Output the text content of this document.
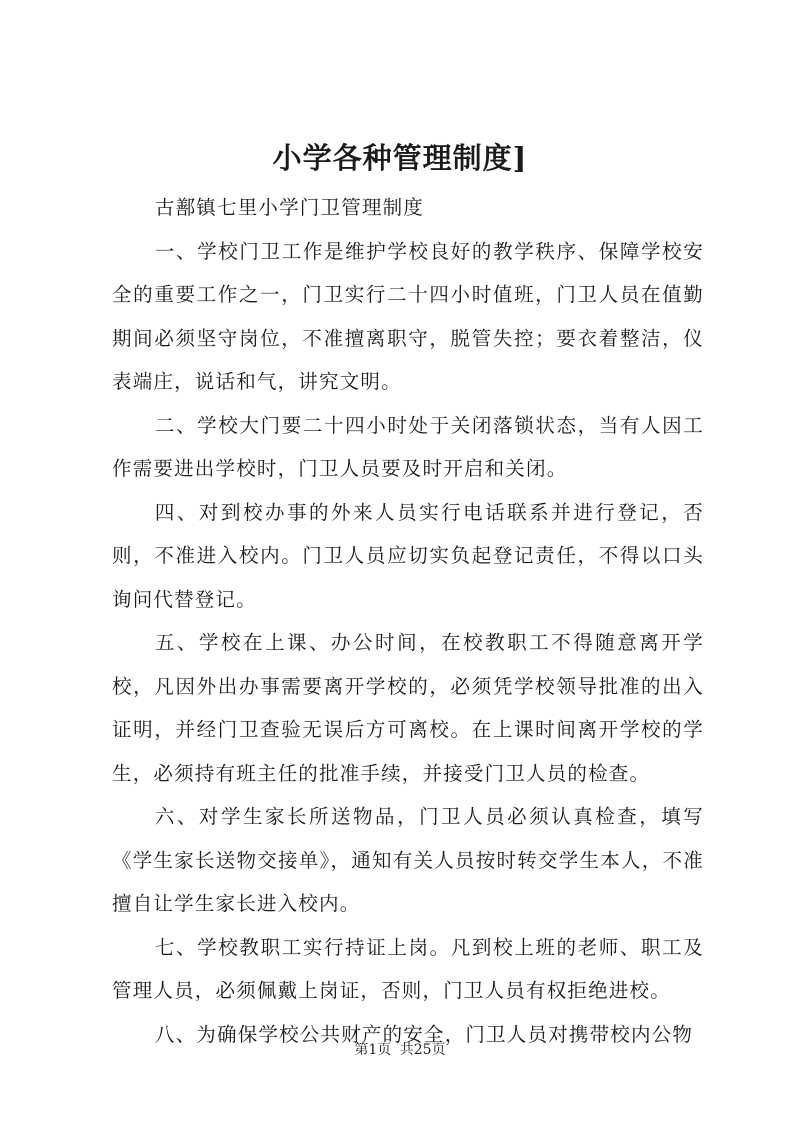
小学各种管理制度]

古鄯镇七里小学门卫管理制度

一、学校门卫工作是维护学校良好的教学秩序、保障学校安全的重要工作之一，门卫实行二十四小时值班，门卫人员在值勤期间必须坚守岗位，不准擅离职守，脱管失控；要衣着整洁，仪表端庄，说话和气，讲究文明。

二、学校大门要二十四小时处于关闭落锁状态，当有人因工作需要进出学校时，门卫人员要及时开启和关闭。

四、对到校办事的外来人员实行电话联系并进行登记，否则，不准进入校内。门卫人员应切实负起登记责任，不得以口头询问代替登记。

五、学校在上课、办公时间，在校教职工不得随意离开学校，凡因外出办事需要离开学校的，必须凭学校领导批准的出入证明，并经门卫查验无误后方可离校。在上课时间离开学校的学生，必须持有班主任的批准手续，并接受门卫人员的检查。

六、对学生家长所送物品，门卫人员必须认真检查，填写《学生家长送物交接单》，通知有关人员按时转交学生本人，不准擅自让学生家长进入校内。

七、学校教职工实行持证上岗。凡到校上班的老师、职工及管理人员，必须佩戴上岗证，否则，门卫人员有权拒绝进校。

八、为确保学校公共财产的安全，门卫人员对携带校内公物

第1页 共25页
